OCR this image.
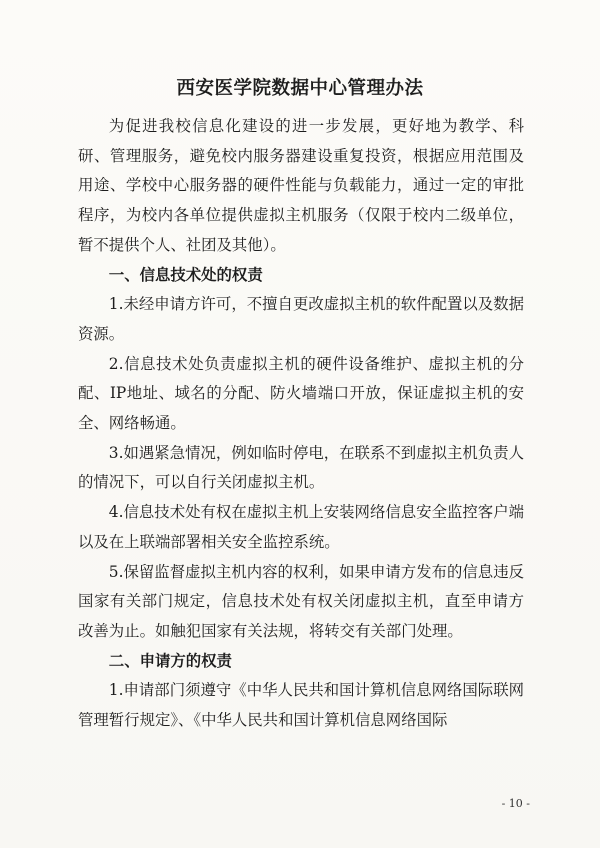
西安医学院数据中心管理办法

为促进我校信息化建设的进一步发展，更好地为教学、科研、管理服务，避免校内服务器建设重复投资，根据应用范围及用途、学校中心服务器的硬件性能与负载能力，通过一定的审批程序，为校内各单位提供虚拟主机服务（仅限于校内二级单位，暂不提供个人、社团及其他）。

一、信息技术处的权责

1.未经申请方许可，不擅自更改虚拟主机的软件配置以及数据资源。

2.信息技术处负责虚拟主机的硬件设备维护、虚拟主机的分配、IP地址、域名的分配、防火墙端口开放，保证虚拟主机的安全、网络畅通。

3.如遇紧急情况，例如临时停电，在联系不到虚拟主机负责人的情况下，可以自行关闭虚拟主机。

4.信息技术处有权在虚拟主机上安装网络信息安全监控客户端以及在上联端部署相关安全监控系统。

5.保留监督虚拟主机内容的权利，如果申请方发布的信息违反国家有关部门规定，信息技术处有权关闭虚拟主机，直至申请方改善为止。如触犯国家有关法规，将转交有关部门处理。

二、申请方的权责

1.申请部门须遵守《中华人民共和国计算机信息网络国际联网管理暂行规定》、《中华人民共和国计算机信息网络国际

- 10 -
